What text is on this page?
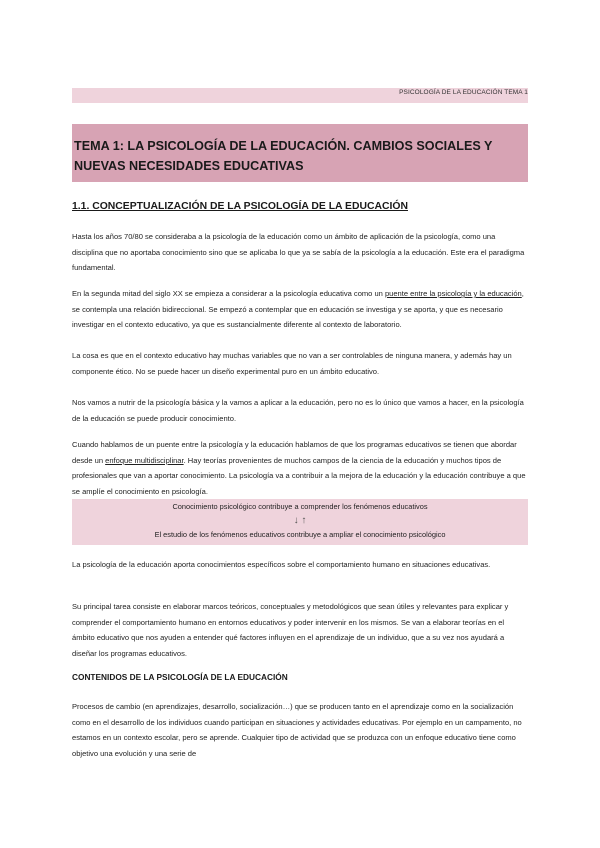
PSICOLOGÍA DE LA EDUCACIÓN TEMA 1
TEMA 1: LA PSICOLOGÍA DE LA EDUCACIÓN. CAMBIOS SOCIALES Y NUEVAS NECESIDADES EDUCATIVAS
1.1. CONCEPTUALIZACIÓN DE LA PSICOLOGÍA DE LA EDUCACIÓN

Hasta los años 70/80 se consideraba a la psicología de la educación como un ámbito de aplicación de la psicología, como una disciplina que no aportaba conocimiento sino que se aplicaba lo que ya se sabía de la psicología a la educación. Este era el paradigma fundamental.

En la segunda mitad del siglo XX se empieza a considerar a la psicología educativa como un puente entre la psicología y la educación, se contempla una relación bidireccional. Se empezó a contemplar que en educación se investiga y se aporta, y que es necesario investigar en el contexto educativo, ya que es sustancialmente diferente al contexto de laboratorio.

La cosa es que en el contexto educativo hay muchas variables que no van a ser controlables de ninguna manera, y además hay un componente ético. No se puede hacer un diseño experimental puro en un ámbito educativo.

Nos vamos a nutrir de la psicología básica y la vamos a aplicar a la educación, pero no es lo único que vamos a hacer, en la psicología de la educación se puede producir conocimiento.

Cuando hablamos de un puente entre la psicología y la educación hablamos de que los programas educativos se tienen que abordar desde un enfoque multidisciplinar. Hay teorías provenientes de muchos campos de la ciencia de la educación y muchos tipos de profesionales que van a aportar conocimiento. La psicología va a contribuir a la mejora de la educación y la educación contribuye a que se amplíe el conocimiento en psicología.

Conocimiento psicológico contribuye a comprender los fenómenos educativos
↓ ↑
El estudio de los fenómenos educativos contribuye a ampliar el conocimiento psicológico

La psicología de la educación aporta conocimientos específicos sobre el comportamiento humano en situaciones educativas.

Su principal tarea consiste en elaborar marcos teóricos, conceptuales y metodológicos que sean útiles y relevantes para explicar y comprender el comportamiento humano en entornos educativos y poder intervenir en los mismos. Se van a elaborar teorías en el ámbito educativo que nos ayuden a entender qué factores influyen en el aprendizaje de un individuo, que a su vez nos ayudará a diseñar los programas educativos.

CONTENIDOS DE LA PSICOLOGÍA DE LA EDUCACIÓN

Procesos de cambio (en aprendizajes, desarrollo, socialización…) que se producen tanto en el aprendizaje como en la socialización como en el desarrollo de los individuos cuando participan en situaciones y actividades educativas. Por ejemplo en un campamento, no estamos en un contexto escolar, pero se aprende. Cualquier tipo de actividad que se produzca con un enfoque educativo tiene como objetivo una evolución y una serie de
